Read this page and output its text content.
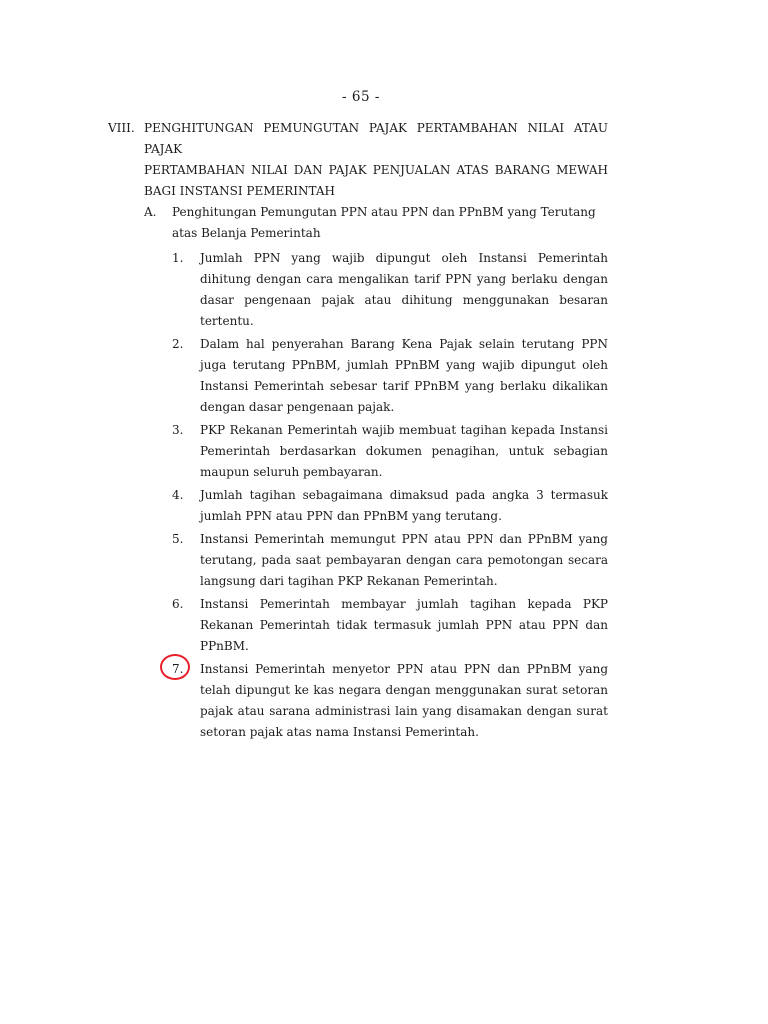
- 65 -
VIII. PENGHITUNGAN PEMUNGUTAN PAJAK PERTAMBAHAN NILAI ATAU PAJAK
PERTAMBAHAN NILAI DAN PAJAK PENJUALAN ATAS BARANG MEWAH
BAGI INSTANSI PEMERINTAH
A.	Penghitungan Pemungutan PPN atau PPN dan PPnBM yang Terutang atas Belanja Pemerintah
1.	Jumlah PPN yang wajib dipungut oleh Instansi Pemerintah dihitung dengan cara mengalikan tarif PPN yang berlaku dengan dasar pengenaan pajak atau dihitung menggunakan besaran tertentu.
2.	Dalam hal penyerahan Barang Kena Pajak selain terutang PPN juga terutang PPnBM, jumlah PPnBM yang wajib dipungut oleh Instansi Pemerintah sebesar tarif PPnBM yang berlaku dikalikan dengan dasar pengenaan pajak.
3.	PKP Rekanan Pemerintah wajib membuat tagihan kepada Instansi Pemerintah berdasarkan dokumen penagihan, untuk sebagian maupun seluruh pembayaran.
4.	Jumlah tagihan sebagaimana dimaksud pada angka 3 termasuk jumlah PPN atau PPN dan PPnBM yang terutang.
5.	Instansi Pemerintah memungut PPN atau PPN dan PPnBM yang terutang, pada saat pembayaran dengan cara pemotongan secara langsung dari tagihan PKP Rekanan Pemerintah.
6.	Instansi Pemerintah membayar jumlah tagihan kepada PKP Rekanan Pemerintah tidak termasuk jumlah PPN atau PPN dan PPnBM.
7.	Instansi Pemerintah menyetor PPN atau PPN dan PPnBM yang telah dipungut ke kas negara dengan menggunakan surat setoran pajak atau sarana administrasi lain yang disamakan dengan surat setoran pajak atas nama Instansi Pemerintah.
